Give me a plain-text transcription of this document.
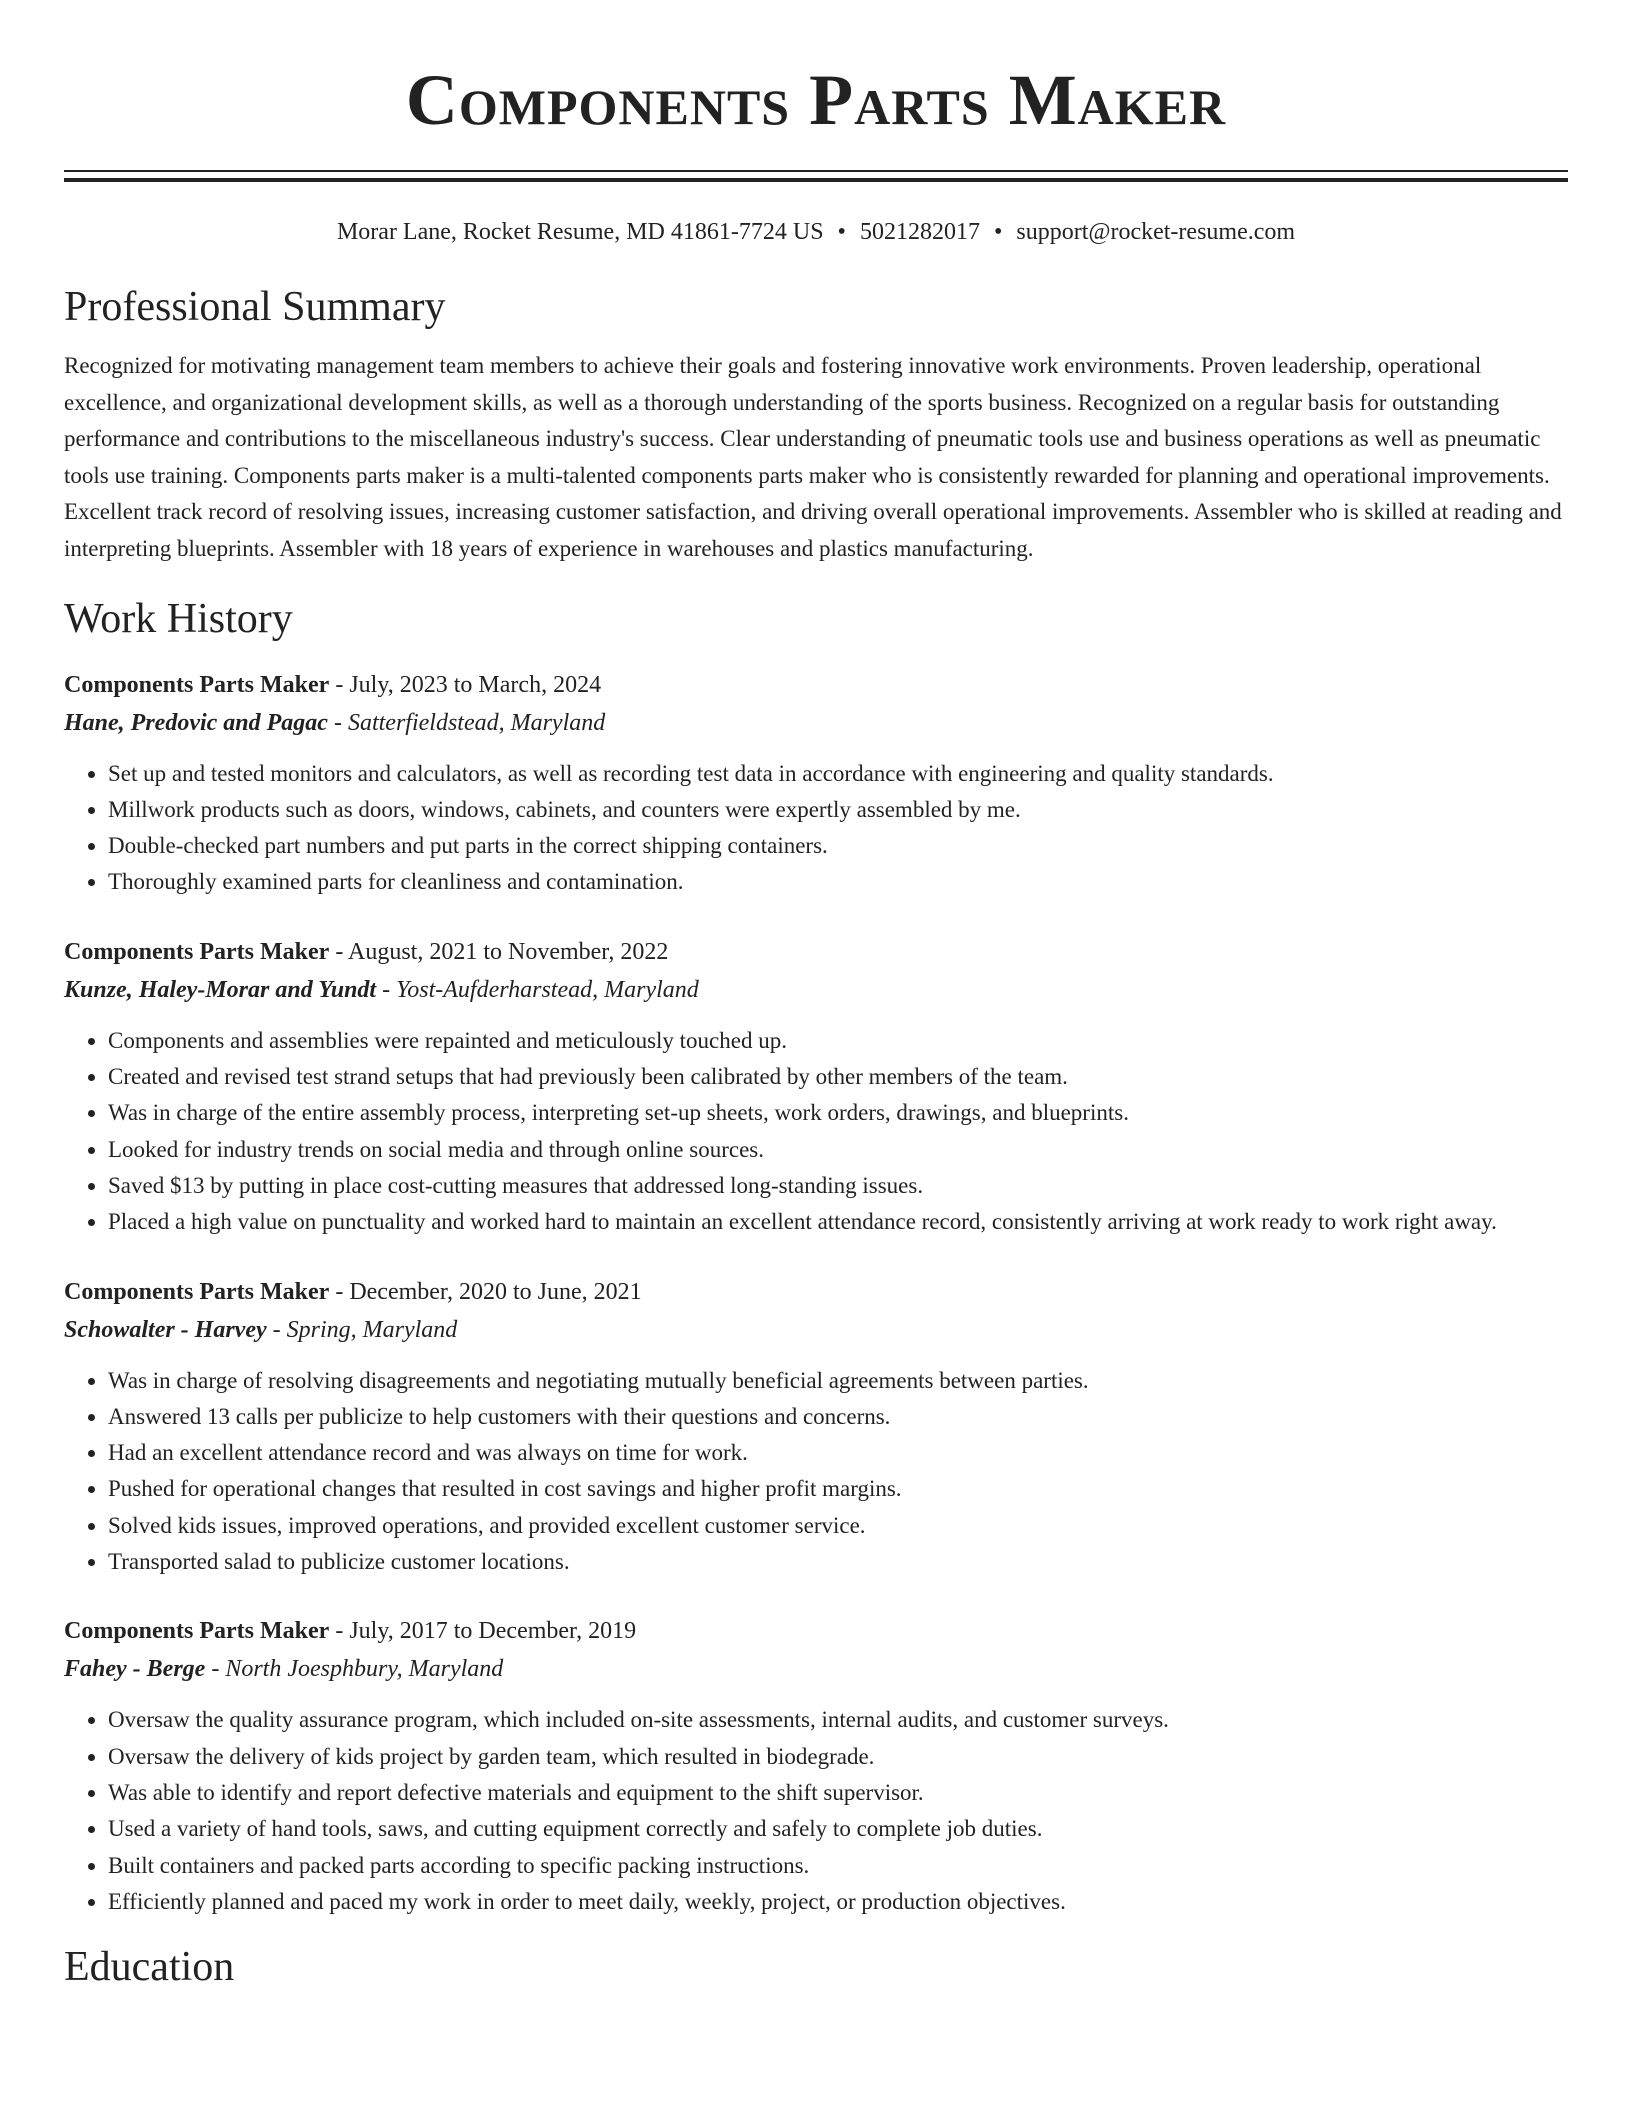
Components Parts Maker
Morar Lane, Rocket Resume, MD 41861-7724 US • 5021282017 • support@rocket-resume.com
Professional Summary

Recognized for motivating management team members to achieve their goals and fostering innovative work environments. Proven leadership, operational excellence, and organizational development skills, as well as a thorough understanding of the sports business. Recognized on a regular basis for outstanding performance and contributions to the miscellaneous industry's success. Clear understanding of pneumatic tools use and business operations as well as pneumatic tools use training. Components parts maker is a multi-talented components parts maker who is consistently rewarded for planning and operational improvements. Excellent track record of resolving issues, increasing customer satisfaction, and driving overall operational improvements. Assembler who is skilled at reading and interpreting blueprints. Assembler with 18 years of experience in warehouses and plastics manufacturing.

Work History
Components Parts Maker - July, 2023 to March, 2024
Hane, Predovic and Pagac - Satterfieldstead, Maryland
• Set up and tested monitors and calculators, as well as recording test data in accordance with engineering and quality standards.
• Millwork products such as doors, windows, cabinets, and counters were expertly assembled by me.
• Double-checked part numbers and put parts in the correct shipping containers.
• Thoroughly examined parts for cleanliness and contamination.
Components Parts Maker - August, 2021 to November, 2022
Kunze, Haley-Morar and Yundt - Yost-Aufderharstead, Maryland
• Components and assemblies were repainted and meticulously touched up.
• Created and revised test strand setups that had previously been calibrated by other members of the team.
• Was in charge of the entire assembly process, interpreting set-up sheets, work orders, drawings, and blueprints.
• Looked for industry trends on social media and through online sources.
• Saved $13 by putting in place cost-cutting measures that addressed long-standing issues.
• Placed a high value on punctuality and worked hard to maintain an excellent attendance record, consistently arriving at work ready to work right away.
Components Parts Maker - December, 2020 to June, 2021
Schowalter - Harvey - Spring, Maryland
• Was in charge of resolving disagreements and negotiating mutually beneficial agreements between parties.
• Answered 13 calls per publicize to help customers with their questions and concerns.
• Had an excellent attendance record and was always on time for work.
• Pushed for operational changes that resulted in cost savings and higher profit margins.
• Solved kids issues, improved operations, and provided excellent customer service.
• Transported salad to publicize customer locations.
Components Parts Maker - July, 2017 to December, 2019
Fahey - Berge - North Joesphbury, Maryland
• Oversaw the quality assurance program, which included on-site assessments, internal audits, and customer surveys.
• Oversaw the delivery of kids project by garden team, which resulted in biodegrade.
• Was able to identify and report defective materials and equipment to the shift supervisor.
• Used a variety of hand tools, saws, and cutting equipment correctly and safely to complete job duties.
• Built containers and packed parts according to specific packing instructions.
• Efficiently planned and paced my work in order to meet daily, weekly, project, or production objectives.
Education
